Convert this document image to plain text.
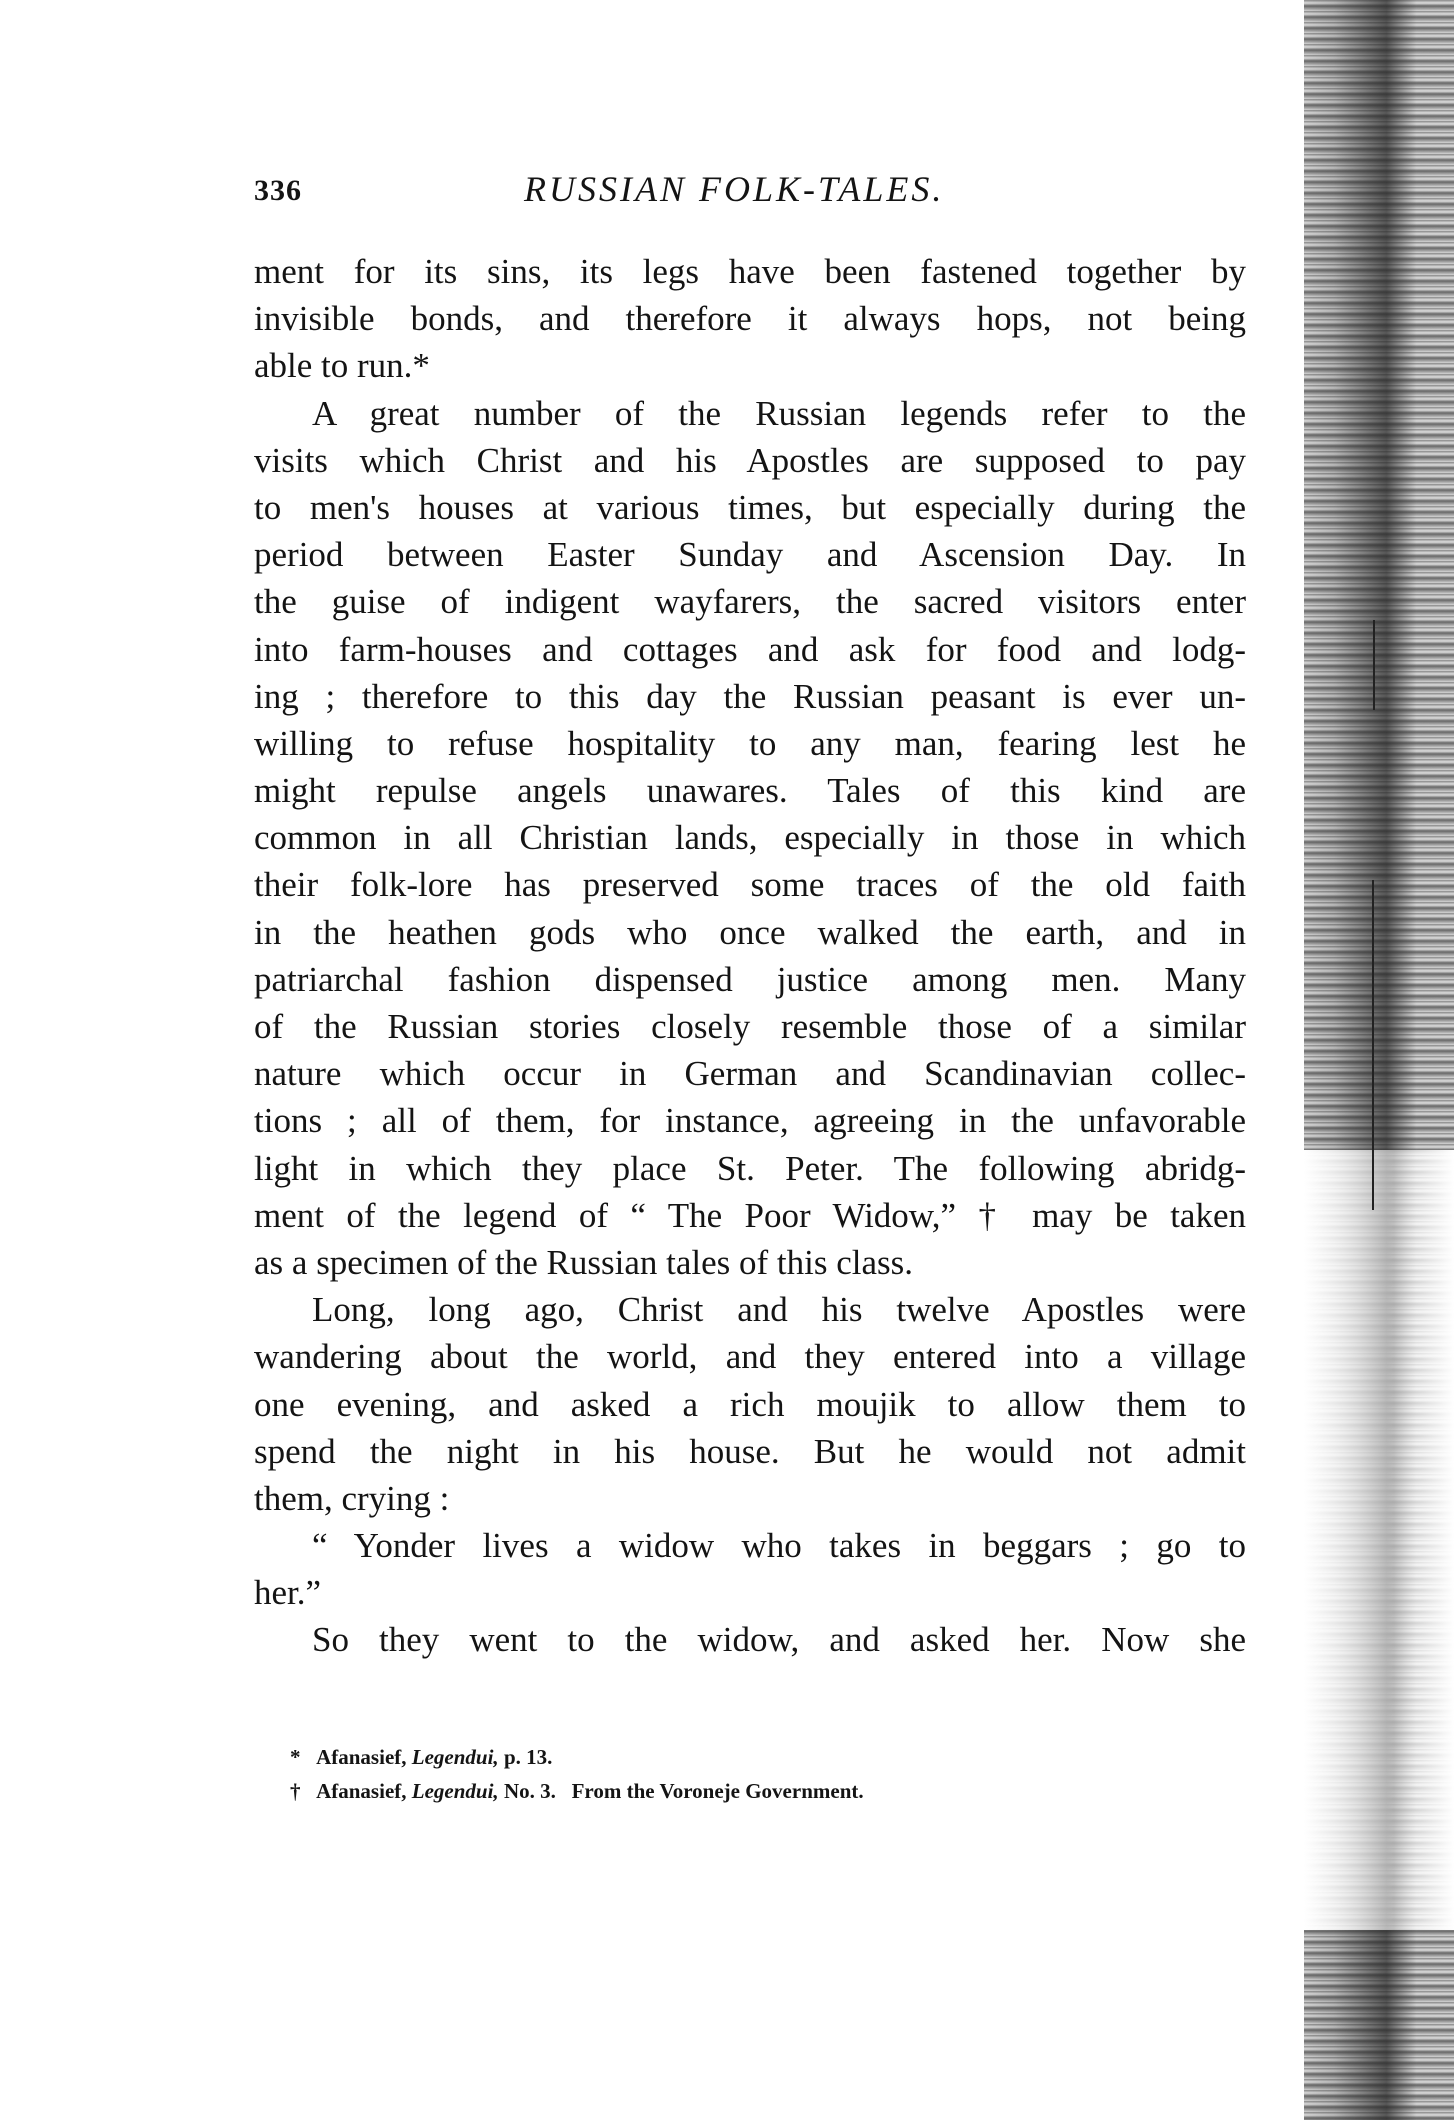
336	RUSSIAN FOLK-TALES.
ment for its sins, its legs have been fastened together by
invisible bonds, and therefore it always hops, not being
able to run.*
A great number of the Russian legends refer to the
visits which Christ and his Apostles are supposed to pay
to men's houses at various times, but especially during the
period between Easter Sunday and Ascension Day. In
the guise of indigent wayfarers, the sacred visitors enter
into farm-houses and cottages and ask for food and lodg-
ing ; therefore to this day the Russian peasant is ever un-
willing to refuse hospitality to any man, fearing lest he
might repulse angels unawares. Tales of this kind are
common in all Christian lands, especially in those in which
their folk-lore has preserved some traces of the old faith
in the heathen gods who once walked the earth, and in
patriarchal fashion dispensed justice among men. Many
of the Russian stories closely resemble those of a similar
nature which occur in German and Scandinavian collec-
tions ; all of them, for instance, agreeing in the unfavorable
light in which they place St. Peter. The following abridg-
ment of the legend of “ The Poor Widow,” † may be taken
as a specimen of the Russian tales of this class.
Long, long ago, Christ and his twelve Apostles were
wandering about the world, and they entered into a village
one evening, and asked a rich moujik to allow them to
spend the night in his house. But he would not admit
them, crying :
“ Yonder lives a widow who takes in beggars ; go to
her.”
So they went to the widow, and asked her. Now she
* Afanasief, Legendui, p. 13.
† Afanasief, Legendui, No. 3.   From the Voroneje Government.
